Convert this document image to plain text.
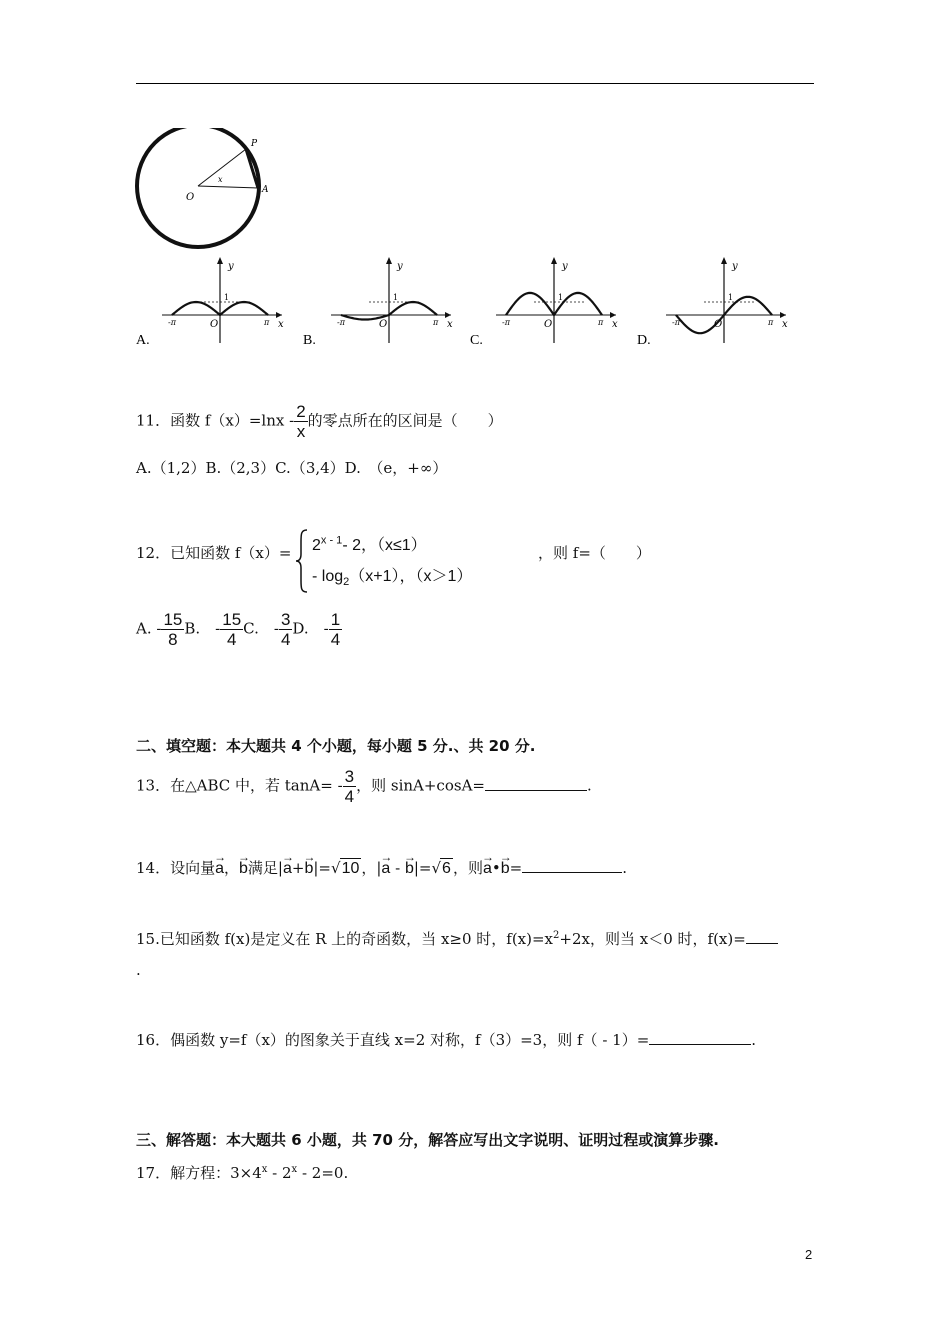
P
A
O
x
y
x
O
1
-π	π
y
x
O
1
-π	π
y
x
O
1
-π	π
y
x
O
1
-π	π
A.	B.	C.	D.
11．函数 $f(x)=\ln x - \frac{2}{x}$ 的零点所在的区间是（　　）
A.（1,2）B.（2,3）C.（3,4）D.　（e，+∞）
12．已知函数 $f(x)= 2^{x - 1}-$ 2，（x≤1）
- $\log_2(x+1)$，（x＞1）
，则 f=（　　）
A. - $\frac{15}{8} B$.　- $\frac{15}{4} C$.　- $\frac{3}{4} D$.　- $\frac{1}{4}$
二、填空题：本大题共 4 个小题，每小题 5 分.、共 20 分.
13．在△ABC 中，若 $\tan A= - \frac{3}{4}$ ，则 sinA+cosA=	.
14．设向量→ a，→ b满足|→ a+→ b|=√10 ，|→ a - → b|=√6 ，则→ a•→ b=	.
15.已知函数 f(x)是定义在 R 上的奇函数，当 x≥0 时，$f(x)=x^2+2x$，则当 x＜0 时，f(x)=
.
16．偶函数 y=f（x）的图象关于直线 x=2 对称，f（3）=3，则 f（ - 1）=	.
三、解答题：本大题共 6 小题，共 70 分，解答应写出文字说明、证明过程或演算步骤.
17．解方程：$3\times 4^x - 2^x - 2=0$.
2
